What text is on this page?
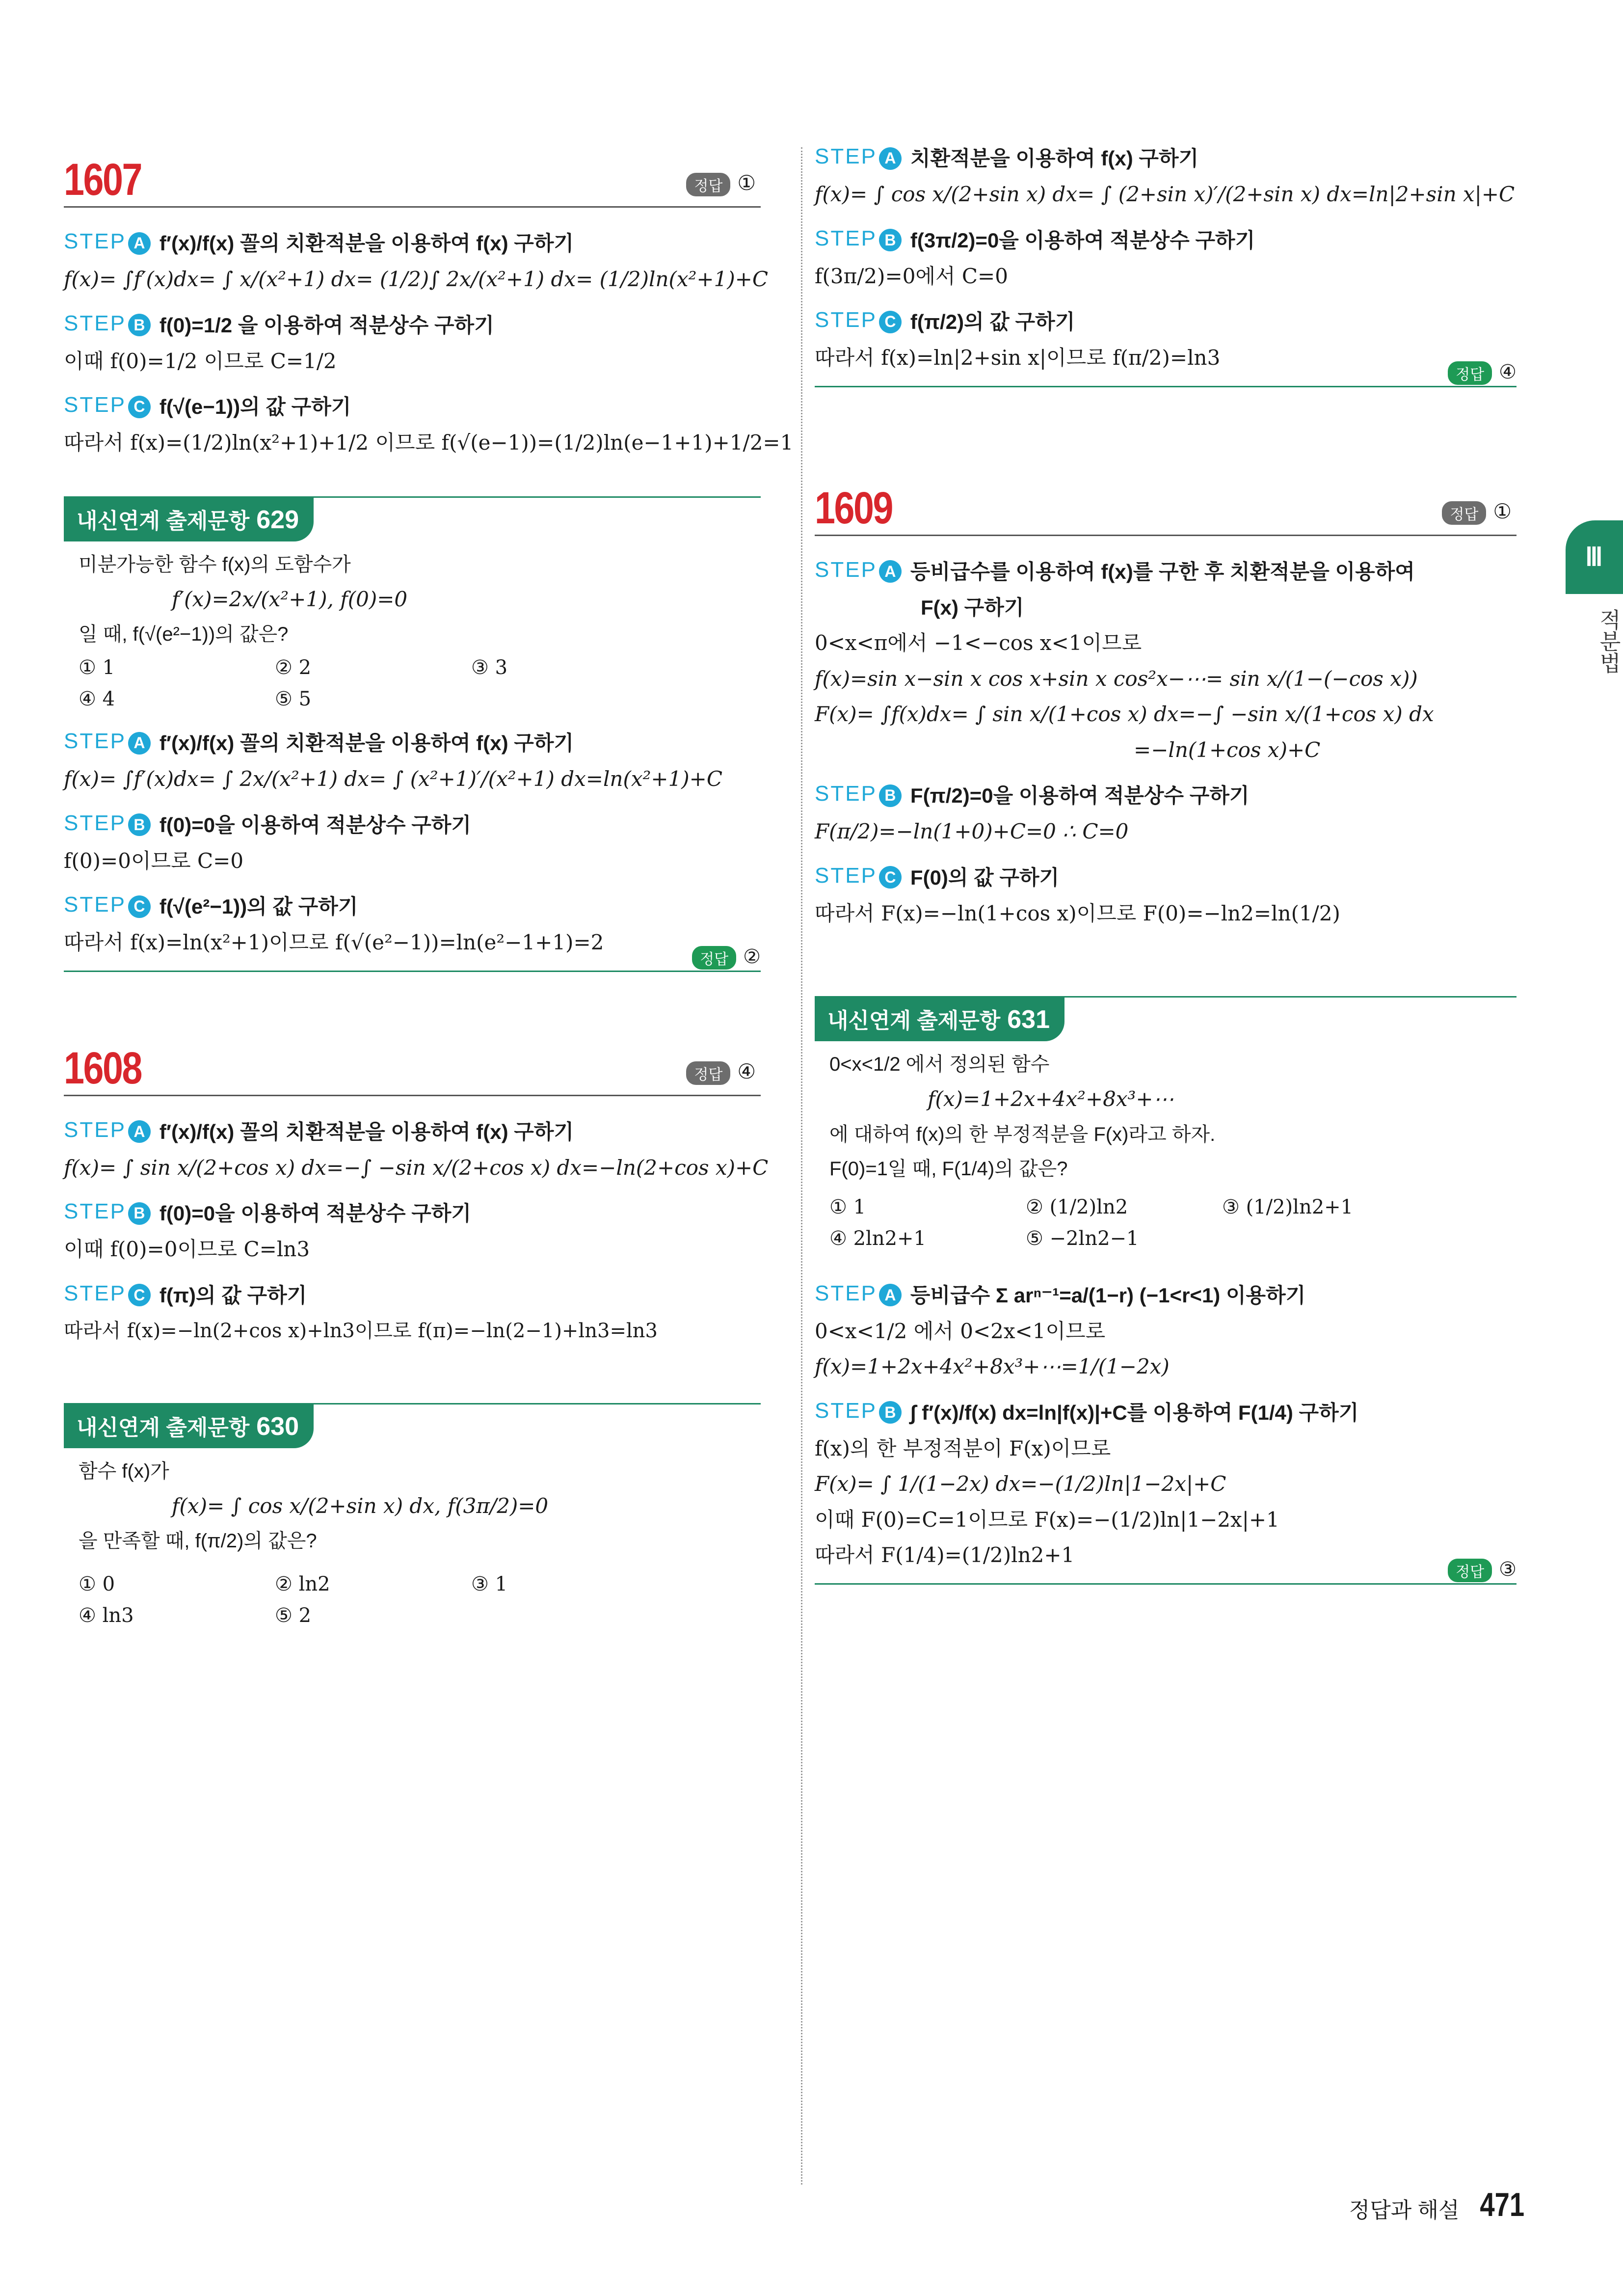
Ⅲ
적분법
1607	정답 ①
STEP A f′(x)/f(x) 꼴의 치환적분을 이용하여 f(x) 구하기
f(x)= ∫f′(x)dx= ∫ x/(x²+1) dx= (1/2)∫ 2x/(x²+1) dx= (1/2)ln(x²+1)+C
STEP B f(0)=1/2 을 이용하여 적분상수 구하기
이때 f(0)=1/2 이므로 C=1/2
STEP C f(√(e−1))의 값 구하기
따라서 f(x)=(1/2)ln(x²+1)+1/2 이므로 f(√(e−1))=(1/2)ln(e−1+1)+1/2=1
내신연계 출제문항 629
미분가능한 함수 f(x)의 도함수가
f′(x)=2x/(x²+1), f(0)=0
일 때, f(√(e²−1))의 값은?
① 1	② 2	③ 3
④ 4	⑤ 5
STEP A f′(x)/f(x) 꼴의 치환적분을 이용하여 f(x) 구하기
f(x)= ∫f′(x)dx= ∫ 2x/(x²+1) dx= ∫ (x²+1)′/(x²+1) dx=ln(x²+1)+C
STEP B f(0)=0을 이용하여 적분상수 구하기
f(0)=0이므로 C=0
STEP C f(√(e²−1))의 값 구하기
따라서 f(x)=ln(x²+1)이므로 f(√(e²−1))=ln(e²−1+1)=2
정답 ②
1608	정답 ④
STEP A f′(x)/f(x) 꼴의 치환적분을 이용하여 f(x) 구하기
f(x)= ∫ sin x/(2+cos x) dx=−∫ −sin x/(2+cos x) dx=−ln(2+cos x)+C
STEP B f(0)=0을 이용하여 적분상수 구하기
이때 f(0)=0이므로 C=ln3
STEP C f(π)의 값 구하기
따라서 f(x)=−ln(2+cos x)+ln3이므로 f(π)=−ln(2−1)+ln3=ln3
내신연계 출제문항 630
함수 f(x)가
f(x)= ∫ cos x/(2+sin x) dx, f(3π/2)=0
을 만족할 때, f(π/2)의 값은?
① 0	② ln2	③ 1
④ ln3	⑤ 2
STEP A 치환적분을 이용하여 f(x) 구하기
f(x)= ∫ cos x/(2+sin x) dx= ∫ (2+sin x)′/(2+sin x) dx=ln|2+sin x|+C
STEP B f(3π/2)=0을 이용하여 적분상수 구하기
f(3π/2)=0에서 C=0
STEP C f(π/2)의 값 구하기
따라서 f(x)=ln|2+sin x|이므로 f(π/2)=ln3
정답 ④
1609	정답 ①
STEP A 등비급수를 이용하여 f(x)를 구한 후 치환적분을 이용하여
F(x) 구하기
0<x<π에서 −1<−cos x<1이므로
f(x)=sin x−sin x cos x+sin x cos²x−⋯= sin x/(1−(−cos x))
F(x)= ∫f(x)dx= ∫ sin x/(1+cos x) dx=−∫ −sin x/(1+cos x) dx
=−ln(1+cos x)+C
STEP B F(π/2)=0을 이용하여 적분상수 구하기
F(π/2)=−ln(1+0)+C=0 ∴ C=0
STEP C F(0)의 값 구하기
따라서 F(x)=−ln(1+cos x)이므로 F(0)=−ln2=ln(1/2)
내신연계 출제문항 631
0<x<1/2 에서 정의된 함수
f(x)=1+2x+4x²+8x³+⋯
에 대하여 f(x)의 한 부정적분을 F(x)라고 하자.
F(0)=1일 때, F(1/4)의 값은?
① 1	② (1/2)ln2	③ (1/2)ln2+1
④ 2ln2+1	⑤ −2ln2−1
STEP A 등비급수 Σ arⁿ⁻¹=a/(1−r) (−1<r<1) 이용하기
0<x<1/2 에서 0<2x<1이므로
f(x)=1+2x+4x²+8x³+⋯=1/(1−2x)
STEP B ∫ f′(x)/f(x) dx=ln|f(x)|+C를 이용하여 F(1/4) 구하기
f(x)의 한 부정적분이 F(x)이므로
F(x)= ∫ 1/(1−2x) dx=−(1/2)ln|1−2x|+C
이때 F(0)=C=1이므로 F(x)=−(1/2)ln|1−2x|+1
따라서 F(1/4)=(1/2)ln2+1
정답 ③
정답과 해설 471
